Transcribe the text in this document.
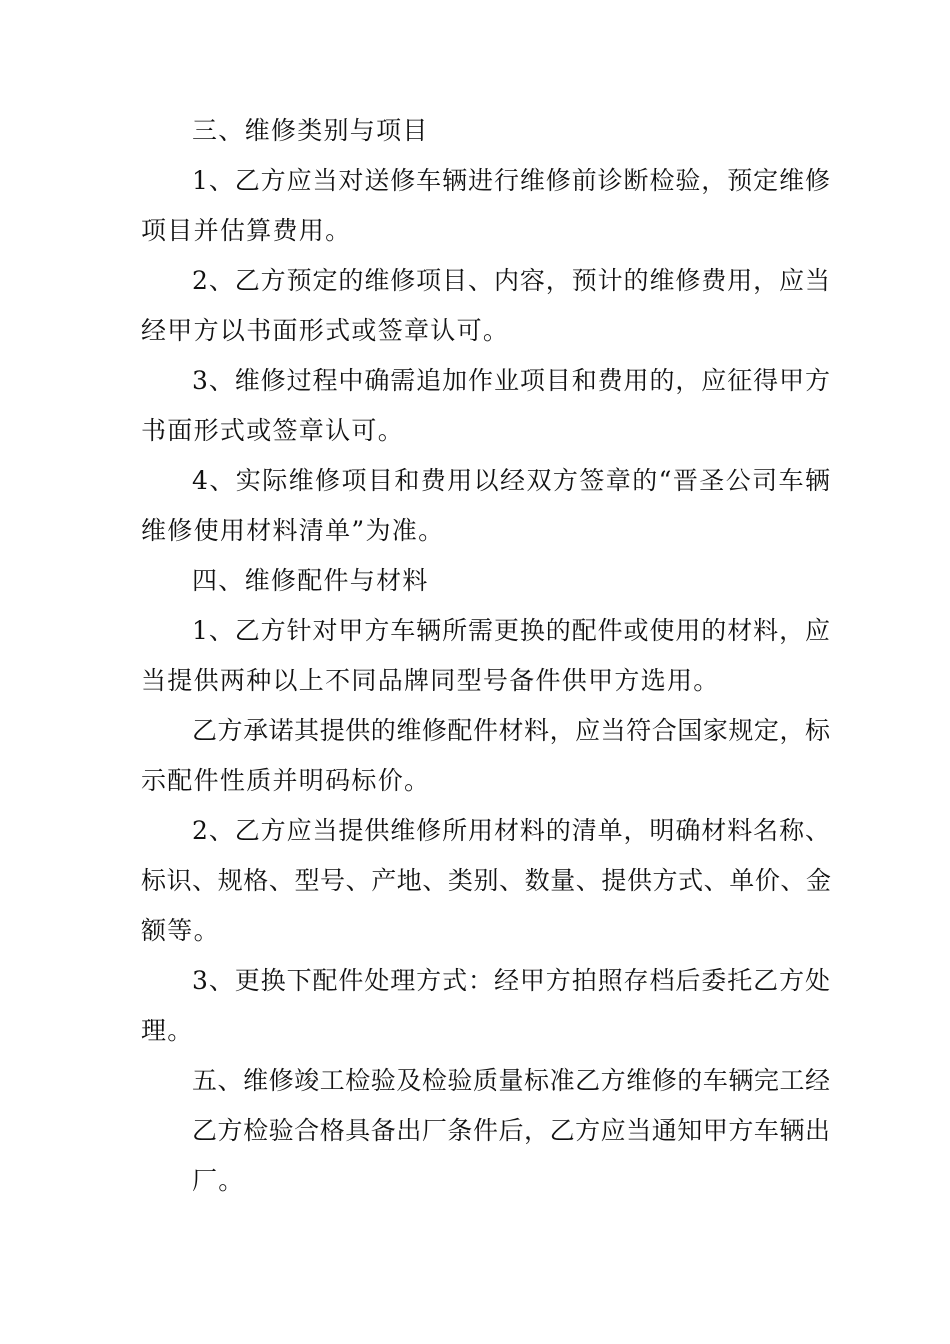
三、维修类别与项目

1、乙方应当对送修车辆进行维修前诊断检验，预定维修

项目并估算费用。

2、乙方预定的维修项目、内容，预计的维修费用，应当

经甲方以书面形式或签章认可。

3、维修过程中确需追加作业项目和费用的，应征得甲方

书面形式或签章认可。

4、实际维修项目和费用以经双方签章的“晋圣公司车辆

维修使用材料清单”为准。

四、维修配件与材料

1、乙方针对甲方车辆所需更换的配件或使用的材料，应

当提供两种以上不同品牌同型号备件供甲方选用。

乙方承诺其提供的维修配件材料，应当符合国家规定，标

示配件性质并明码标价。

2、乙方应当提供维修所用材料的清单，明确材料名称、

标识、规格、型号、产地、类别、数量、提供方式、单价、金

额等。

3、更换下配件处理方式：经甲方拍照存档后委托乙方处

理。

五、维修竣工检验及检验质量标准乙方维修的车辆完工经

乙方检验合格具备出厂条件后，乙方应当通知甲方车辆出

厂。
